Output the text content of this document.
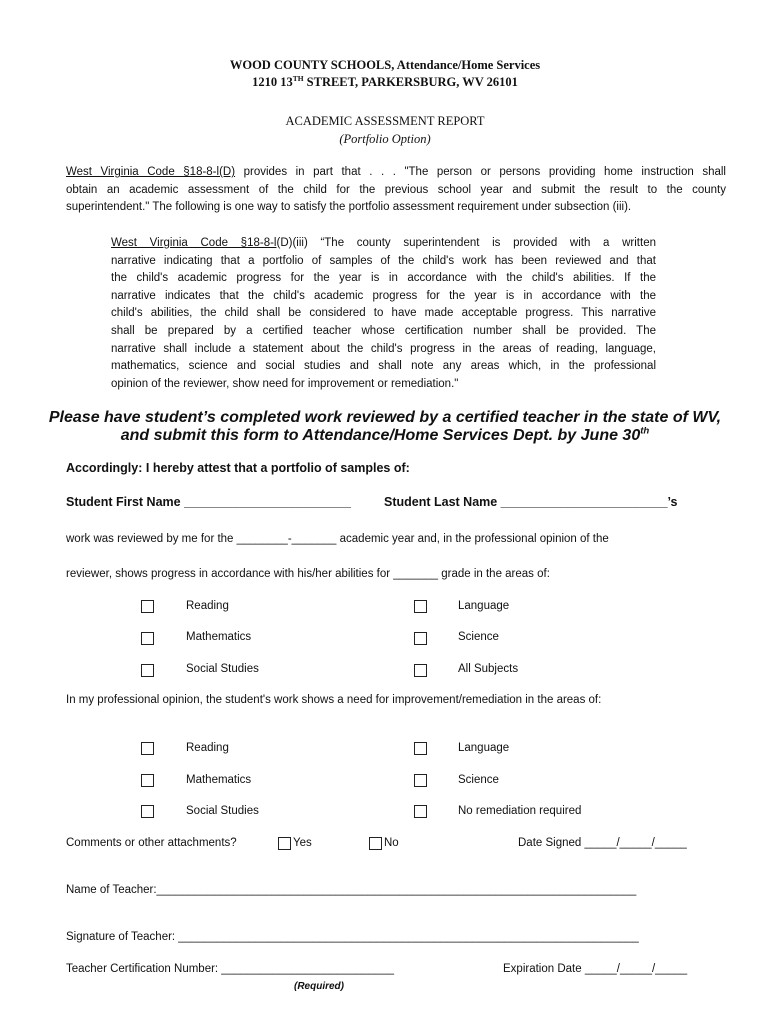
WOOD COUNTY SCHOOLS, Attendance/Home Services
1210 13TH STREET, PARKERSBURG, WV 26101
ACADEMIC ASSESSMENT REPORT
(Portfolio Option)
West Virginia Code §18-8-l(D) provides in part that . . . "The person or persons providing home instruction shall
obtain an academic assessment of the child for the previous school year and submit the result to the county
superintendent." The following is one way to satisfy the portfolio assessment requirement under subsection (iii).
West Virginia Code §18-8-l(D)(iii) “The county superintendent is provided with a written
narrative indicating that a portfolio of samples of the child's work has been reviewed and that
the child's academic progress for the year is in accordance with the child's abilities. If the
narrative indicates that the child's academic progress for the year is in accordance with the
child's abilities, the child shall be considered to have made acceptable progress. This narrative
shall be prepared by a certified teacher whose certification number shall be provided. The
narrative shall include a statement about the child's progress in the areas of reading, language,
mathematics, science and social studies and shall note any areas which, in the professional
opinion of the reviewer, show need for improvement or remediation."
Please have student’s completed work reviewed by a certified teacher in the state of WV,
and submit this form to Attendance/Home Services Dept. by June 30th
Accordingly: I hereby attest that a portfolio of samples of:
Student First Name ________________________	Student Last Name ________________________’s
work was reviewed by me for the ________-_______ academic year and, in the professional opinion of the
reviewer, shows progress in accordance with his/her abilities for _______ grade in the areas of:
Reading	Language
Mathematics	Science
Social Studies	All Subjects
In my professional opinion, the student's work shows a need for improvement/remediation in the areas of:
Reading	Language
Mathematics	Science
Social Studies	No remediation required
Comments or other attachments?	Yes	No	Date Signed _____/_____/_____
Name of Teacher:___________________________________________________________________________
Signature of Teacher: ________________________________________________________________________
Teacher Certification Number: ___________________________	Expiration Date _____/_____/_____
(Required)
